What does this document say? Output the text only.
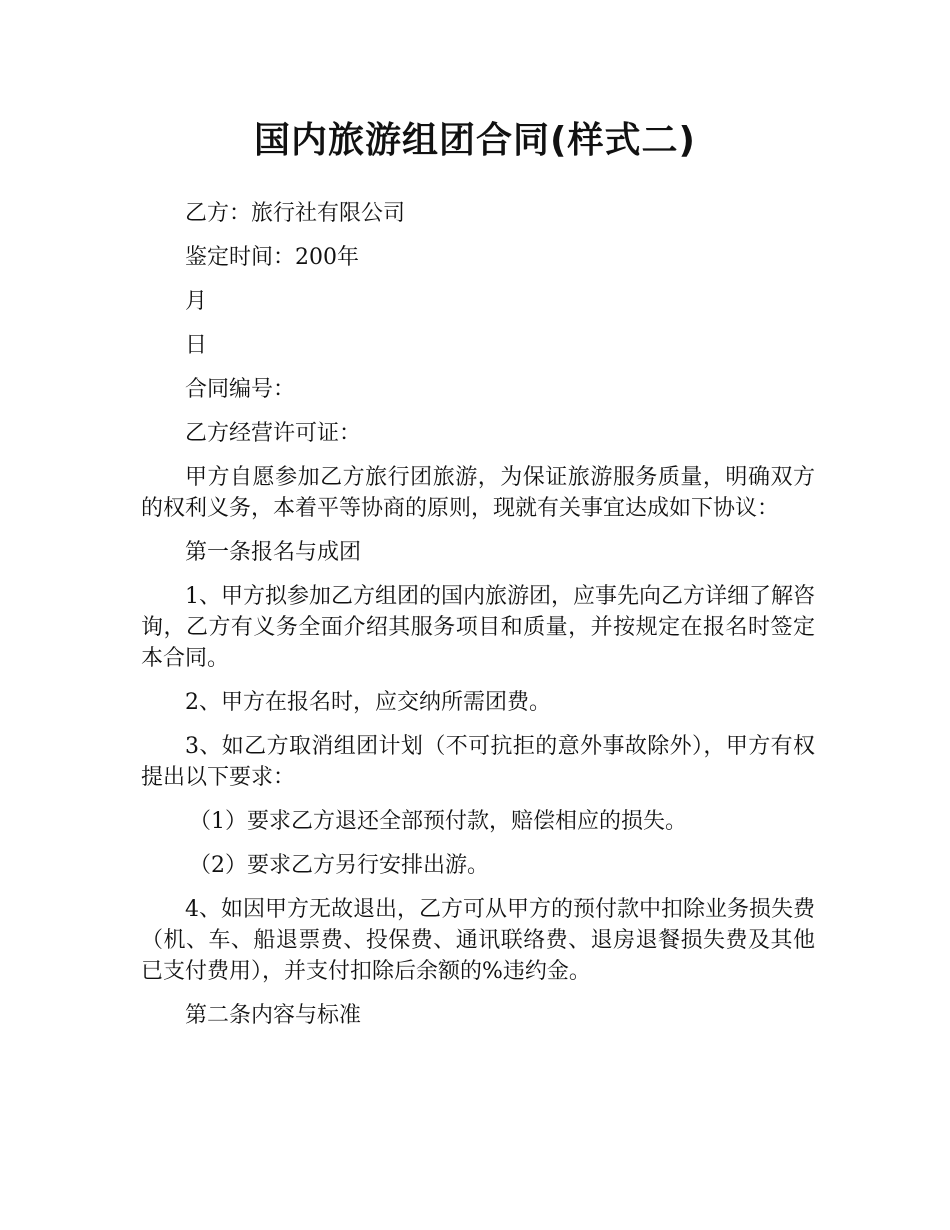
国内旅游组团合同(样式二)

乙方：旅行社有限公司

鉴定时间：200年

月

日

合同编号：

乙方经营许可证：

甲方自愿参加乙方旅行团旅游，为保证旅游服务质量，明确双方的权利义务，本着平等协商的原则，现就有关事宜达成如下协议：

第一条报名与成团

1、甲方拟参加乙方组团的国内旅游团，应事先向乙方详细了解咨询，乙方有义务全面介绍其服务项目和质量，并按规定在报名时签定本合同。

2、甲方在报名时，应交纳所需团费。

3、如乙方取消组团计划（不可抗拒的意外事故除外），甲方有权提出以下要求：

（1）要求乙方退还全部预付款，赔偿相应的损失。

（2）要求乙方另行安排出游。

4、如因甲方无故退出，乙方可从甲方的预付款中扣除业务损失费（机、车、船退票费、投保费、通讯联络费、退房退餐损失费及其他已支付费用），并支付扣除后余额的%违约金。

第二条内容与标准
